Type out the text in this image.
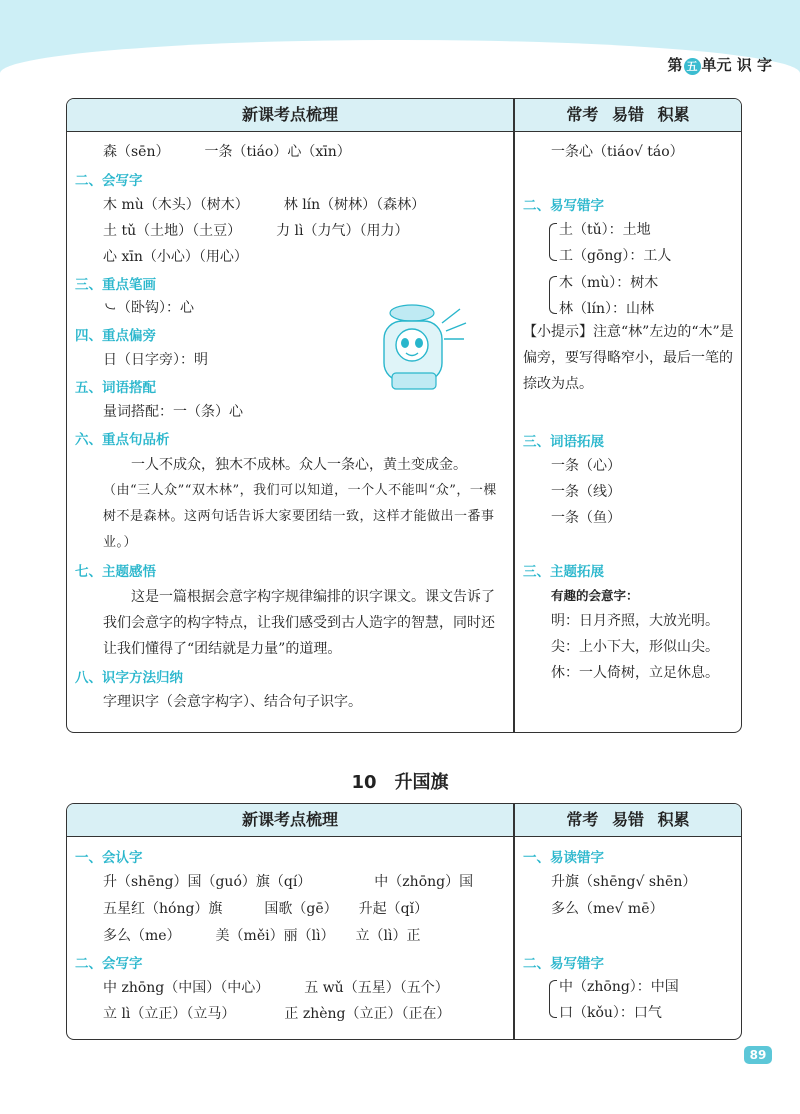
第 五 单元 识 字
新课考点梳理	常考 易错 积累
森（sēn）　　　一条（tiáo）心（xīn）
二、会写字
木 mù（木头）（树木）　　　林 lín（树林）（森林）
土 tǔ（土地）（土豆）　　　力 lì（力气）（用力）
心 xīn（小心）（用心）
三、重点笔画
㇃（卧钩）：心
四、重点偏旁
日（日字旁）：明
五、词语搭配
量词搭配：一（条）心
六、重点句品析
　　一人不成众，独木不成林。众人一条心，黄土变成金。
（由“三人众”“双木林”，我们可以知道，一个人不能叫“众”，一棵树不是森林。这两句话告诉大家要团结一致，这样才能做出一番事业。）
七、主题感悟
　　这是一篇根据会意字构字规律编排的识字课文。课文告诉了我们会意字的构字特点，让我们感受到古人造字的智慧，同时还让我们懂得了“团结就是力量”的道理。
八、识字方法归纳
字理识字（会意字构字）、结合句子识字。
一条心（tiáo√ táo）
二、易写错字
土（tǔ）：土地
工（gōng）：工人
木（mù）：树木
林（lín）：山林
【小提示】注意“林”左边的“木”是偏旁，要写得略窄小，最后一笔的捺改为点。
三、词语拓展
一条（心）
一条（线）
一条（鱼）
三、主题拓展
有趣的会意字：
明：日月齐照，大放光明。
尖：上小下大，形似山尖。
休：一人倚树，立足休息。
10　升国旗
新课考点梳理	常考 易错 积累
一、会认字
升（shēng）国（guó）旗（qí）　　　　　中（zhōng）国
五星红（hóng）旗　　　国歌（gē）　　升起（qǐ）
多么（me）　　　美（měi）丽（lì）　　立（lì）正
二、会写字
中 zhōng（中国）（中心）　　　五 wǔ（五星）（五个）
立 lì（立正）（立马）　　　　正 zhèng（立正）（正在）
一、易读错字
升旗（shēng√ shēn）
多么（me√ mē）
二、易写错字
中（zhōng）：中国
口（kǒu）：口气
89
